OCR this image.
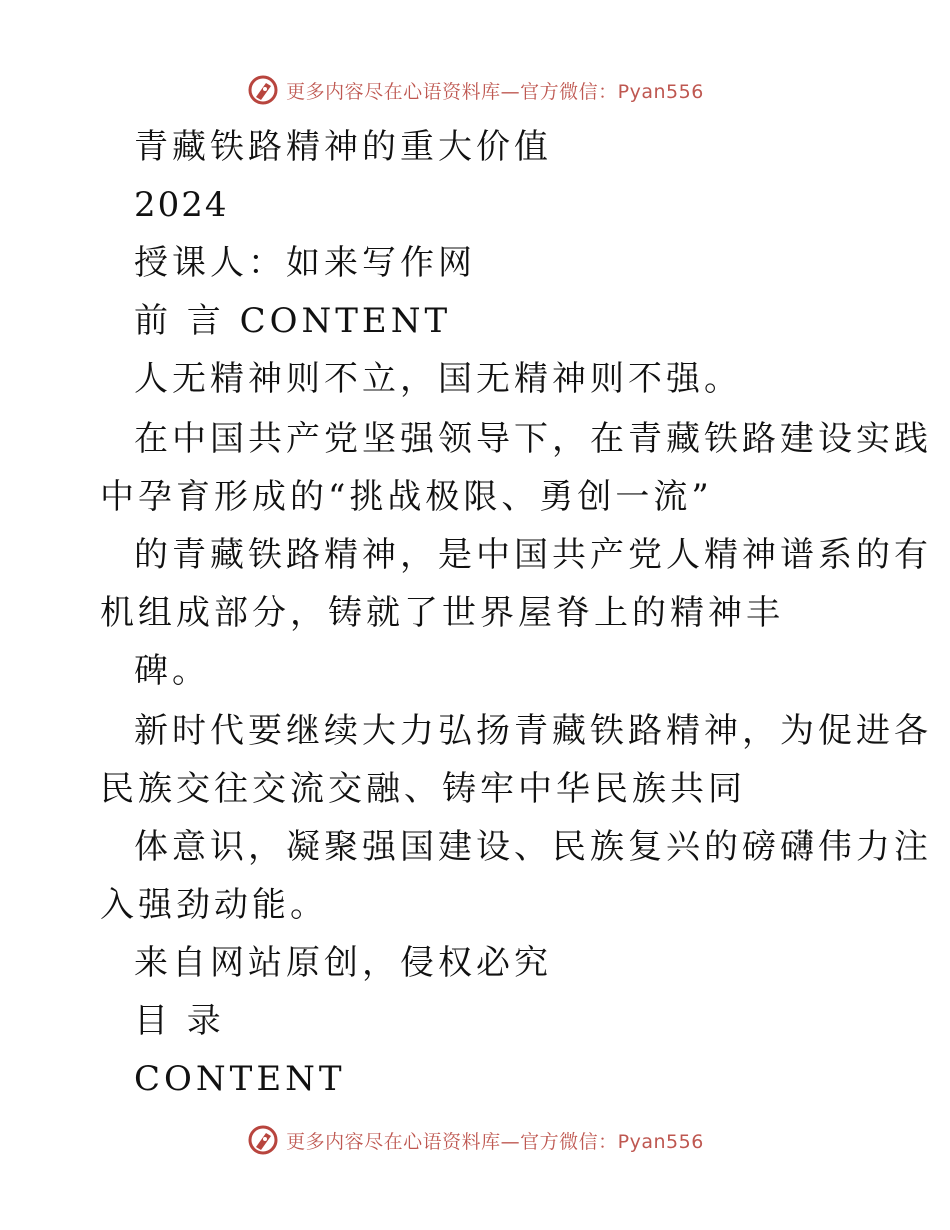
更多内容尽在心语资料库—官方微信：Pyan556
青藏铁路精神的重大价值
2024
授课人：如来写作网
前 言 CONTENT
人无精神则不立，国无精神则不强。
在中国共产党坚强领导下，在青藏铁路建设实践
中孕育形成的“挑战极限、勇创一流”
的青藏铁路精神，是中国共产党人精神谱系的有
机组成部分，铸就了世界屋脊上的精神丰
碑。
新时代要继续大力弘扬青藏铁路精神，为促进各
民族交往交流交融、铸牢中华民族共同
体意识，凝聚强国建设、民族复兴的磅礴伟力注
入强劲动能。
来自网站原创，侵权必究
目 录
CONTENT
更多内容尽在心语资料库—官方微信：Pyan556
